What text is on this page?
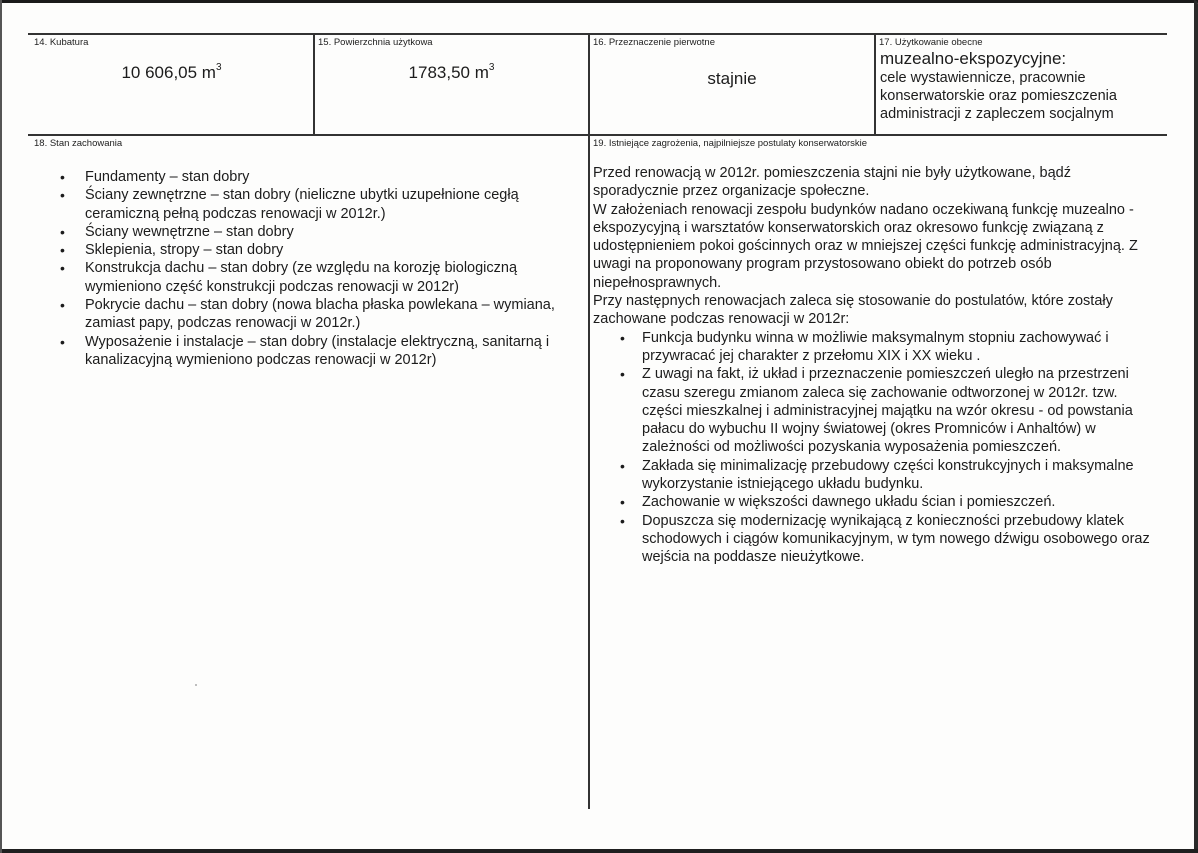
14. Kubatura
10 606,05 $m^3$
15. Powierzchnia użytkowa
1783,50 $m^3$
16. Przeznaczenie pierwotne
stajnie
17. Użytkowanie obecne
muzealno-ekspozycyjne:
cele wystawiennicze, pracownie
konserwatorskie oraz pomieszczenia
administracji z zapleczem socjalnym
18. Stan zachowania
• Fundamenty – stan dobry
• Ściany zewnętrzne – stan dobry (nieliczne ubytki uzupełnione cegłą ceramiczną pełną podczas renowacji w 2012r.)
• Ściany wewnętrzne – stan dobry
• Sklepienia, stropy – stan dobry
• Konstrukcja dachu – stan dobry (ze względu na korozję biologiczną wymieniono część konstrukcji podczas renowacji w 2012r)
• Pokrycie dachu – stan dobry (nowa blacha płaska powlekana – wymiana, zamiast papy, podczas renowacji w 2012r.)
• Wyposażenie i instalacje – stan dobry (instalacje elektryczną, sanitarną i kanalizacyjną wymieniono podczas renowacji w 2012r)
19. Istniejące zagrożenia, najpilniejsze postulaty konserwatorskie

Przed renowacją w 2012r. pomieszczenia stajni nie były użytkowane, bądź sporadycznie przez organizacje społeczne.

W założeniach renowacji zespołu budynków nadano oczekiwaną funkcję muzealno - ekspozycyjną i warsztatów konserwatorskich oraz okresowo funkcję związaną z udostępnieniem pokoi gościnnych oraz w mniejszej części funkcję administracyjną. Z uwagi na proponowany program przystosowano obiekt do potrzeb osób niepełnosprawnych.

Przy następnych renowacjach zaleca się stosowanie do postulatów, które zostały zachowane podczas renowacji w 2012r:

• Funkcja budynku winna w możliwie maksymalnym stopniu zachowywać i przywracać jej charakter z przełomu XIX i XX wieku .
• Z uwagi na fakt, iż układ i przeznaczenie pomieszczeń uległo na przestrzeni czasu szeregu zmianom zaleca się zachowanie odtworzonej w 2012r. tzw. części mieszkalnej i administracyjnej majątku na wzór okresu - od powstania pałacu do wybuchu II wojny światowej (okres Promniców i Anhaltów) w zależności od możliwości pozyskania wyposażenia pomieszczeń.
• Zakłada się minimalizację przebudowy części konstrukcyjnych i maksymalne wykorzystanie istniejącego układu budynku.
• Zachowanie w większości dawnego układu ścian i pomieszczeń.
• Dopuszcza się modernizację wynikającą z konieczności przebudowy klatek schodowych i ciągów komunikacyjnym, w tym nowego dźwigu osobowego oraz wejścia na poddasze nieużytkowe.
